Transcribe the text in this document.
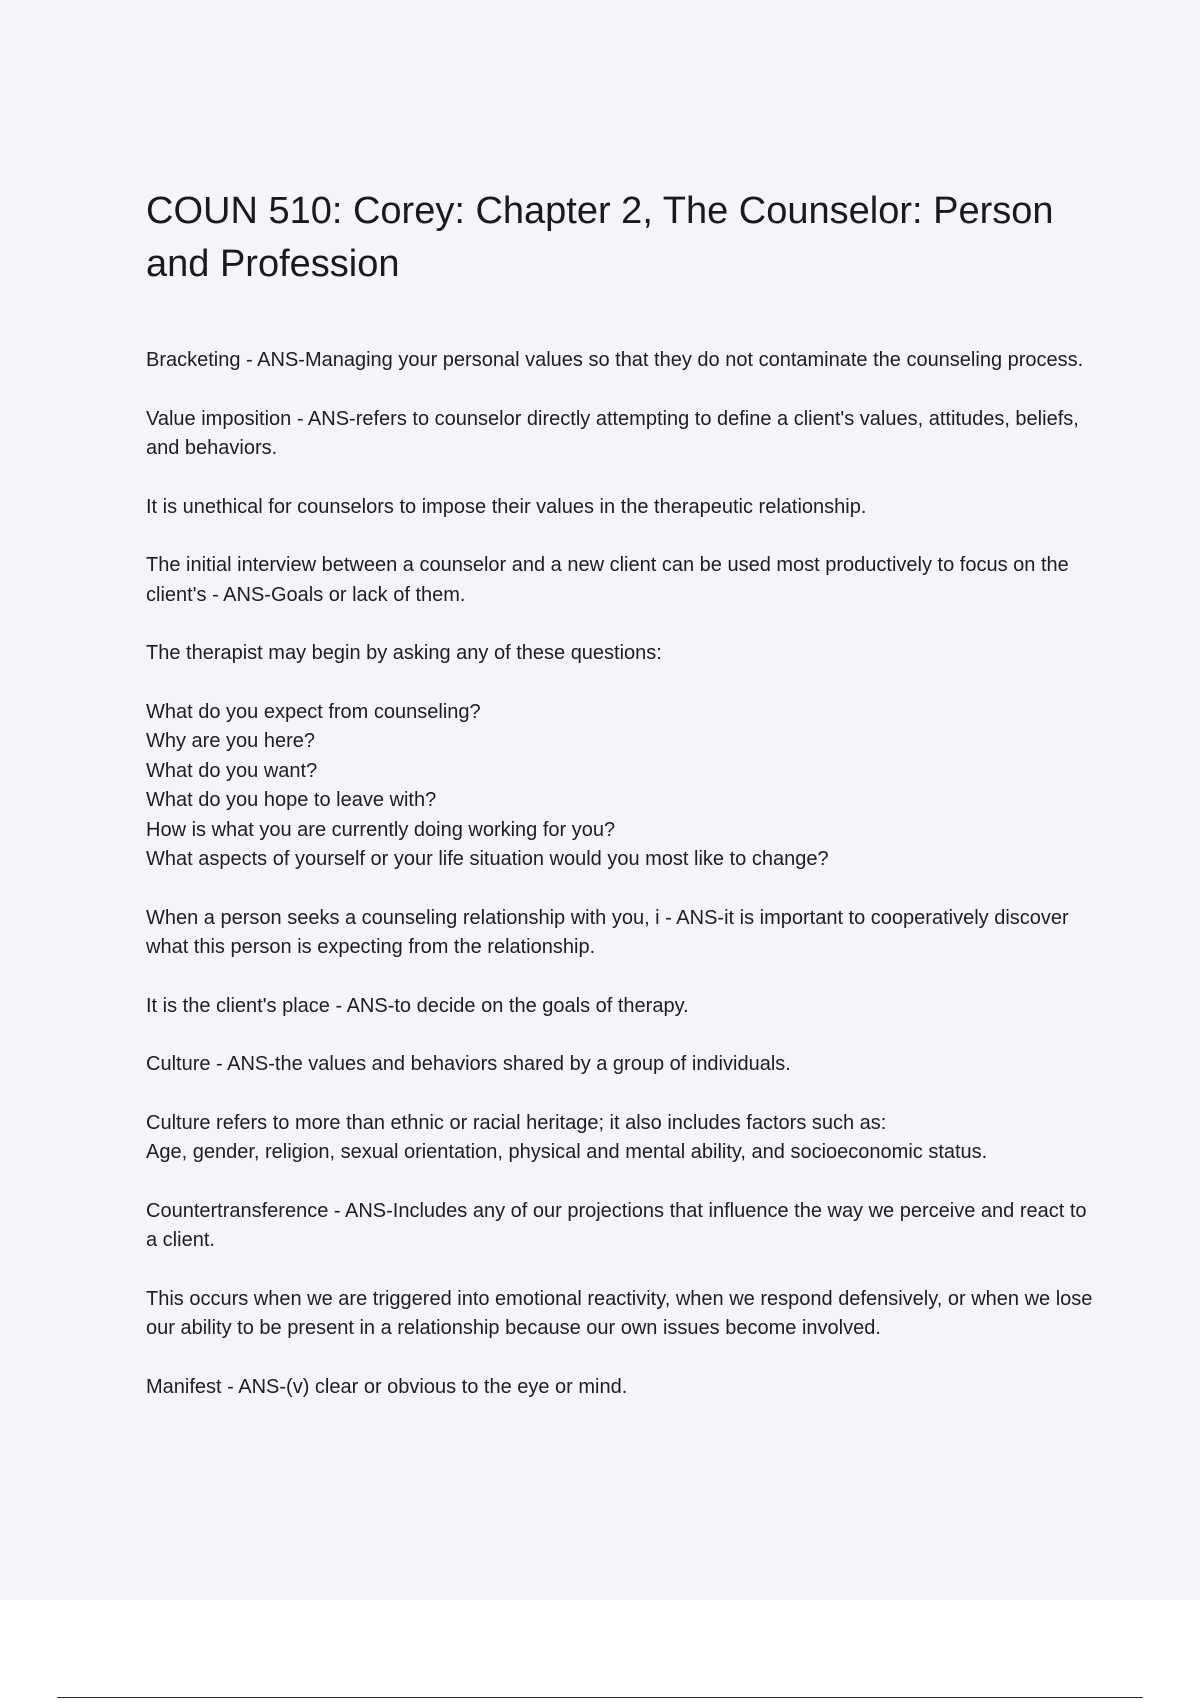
COUN 510: Corey: Chapter 2, The Counselor: Person and Profession

Bracketing - ANS-Managing your personal values so that they do not contaminate the counseling process.

Value imposition - ANS-refers to counselor directly attempting to define a client's values, attitudes, beliefs, and behaviors.

It is unethical for counselors to impose their values in the therapeutic relationship.

The initial interview between a counselor and a new client can be used most productively to focus on the client's - ANS-Goals or lack of them.

The therapist may begin by asking any of these questions:

What do you expect from counseling?
Why are you here?
What do you want?
What do you hope to leave with?
How is what you are currently doing working for you?
What aspects of yourself or your life situation would you most like to change?

When a person seeks a counseling relationship with you, i - ANS-it is important to cooperatively discover what this person is expecting from the relationship.

It is the client's place - ANS-to decide on the goals of therapy.

Culture - ANS-the values and behaviors shared by a group of individuals.

Culture refers to more than ethnic or racial heritage; it also includes factors such as:
Age, gender, religion, sexual orientation, physical and mental ability, and socioeconomic status.

Countertransference - ANS-Includes any of our projections that influence the way we perceive and react to a client.

This occurs when we are triggered into emotional reactivity, when we respond defensively, or when we lose our ability to be present in a relationship because our own issues become involved.

Manifest - ANS-(v) clear or obvious to the eye or mind.
